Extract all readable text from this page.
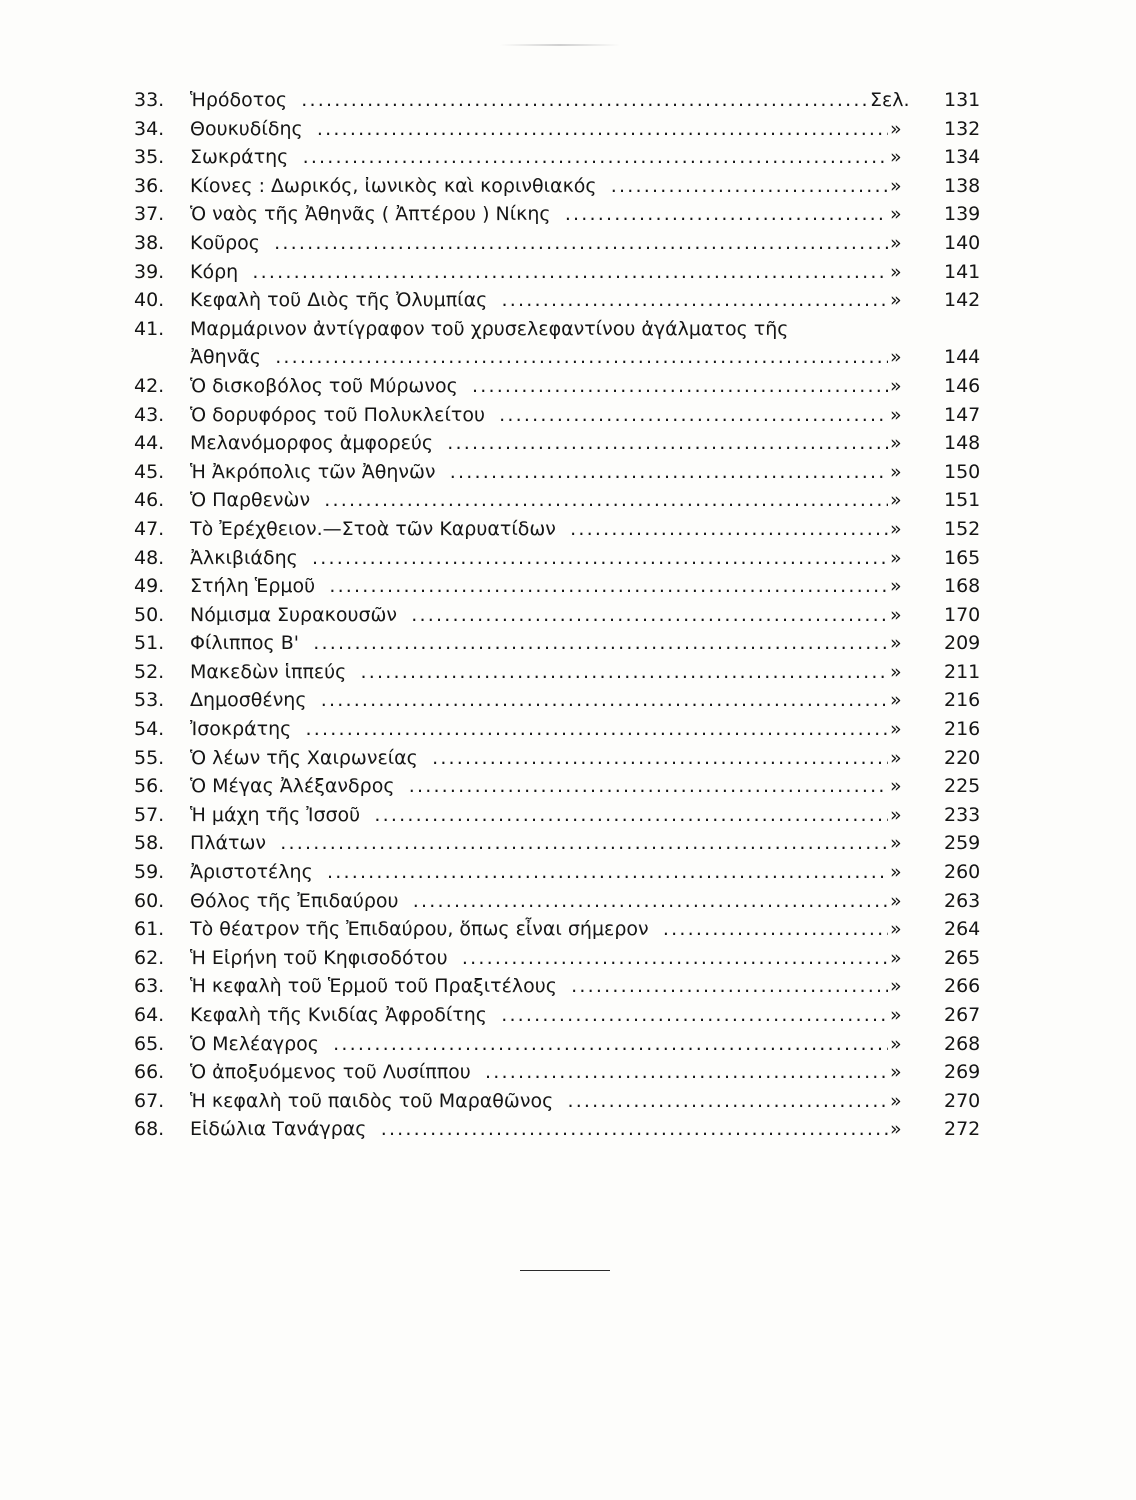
33.	Ἡρόδοτος .....	Σελ.	131
34.	Θουκυδίδης .....	»	132
35.	Σωκράτης .....	»	134
36.	Κίονες : Δωρικός, ἰωνικὸς καὶ κορινθιακός .....	»	138
37.	Ὁ ναὸς τῆς Ἀθηνᾶς ( Ἀπτέρου ) Νίκης .....	»	139
38.	Κοῦρος .....	»	140
39.	Κόρη .....	»	141
40.	Κεφαλὴ τοῦ Διὸς τῆς Ὀλυμπίας .....	»	142
41.	Μαρμάρινον ἀντίγραφον τοῦ χρυσελεφαντίνου ἀγάλματος τῆς
Ἀθηνᾶς .....	»	144
42.	Ὁ δισκοβόλος τοῦ Μύρωνος .....	»	146
43.	Ὁ δορυφόρος τοῦ Πολυκλείτου .....	»	147
44.	Μελανόμορφος ἀμφορεύς .....	»	148
45.	Ἡ Ἀκρόπολις τῶν Ἀθηνῶν .....	»	150
46.	Ὁ Παρθενὼν .....	»	151
47.	Τὸ Ἐρέχθειον.—Στοὰ τῶν Καρυατίδων .....	»	152
48.	Ἀλκιβιάδης .....	»	165
49.	Στήλη Ἑρμοῦ .....	»	168
50.	Νόμισμα Συρακουσῶν .....	»	170
51.	Φίλιππος Β' .....	»	209
52.	Μακεδὼν ἱππεύς .....	»	211
53.	Δημοσθένης .....	»	216
54.	Ἰσοκράτης .....	»	216
55.	Ὁ λέων τῆς Χαιρωνείας .....	»	220
56.	Ὁ Μέγας Ἀλέξανδρος .....	»	225
57.	Ἡ μάχη τῆς Ἰσσοῦ .....	»	233
58.	Πλάτων .....	»	259
59.	Ἀριστοτέλης .....	»	260
60.	Θόλος τῆς Ἐπιδαύρου .....	»	263
61.	Τὸ θέατρον τῆς Ἐπιδαύρου, ὅπως εἶναι σήμερον .....	»	264
62.	Ἡ Εἰρήνη τοῦ Κηφισοδότου .....	»	265
63.	Ἡ κεφαλὴ τοῦ Ἑρμοῦ τοῦ Πραξιτέλους .....	»	266
64.	Κεφαλὴ τῆς Κνιδίας Ἀφροδίτης .....	»	267
65.	Ὁ Μελέαγρος .....	»	268
66.	Ὁ ἀποξυόμενος τοῦ Λυσίππου .....	»	269
67.	Ἡ κεφαλὴ τοῦ παιδὸς τοῦ Μαραθῶνος .....	»	270
68.	Εἰδώλια Τανάγρας .....	»	272
